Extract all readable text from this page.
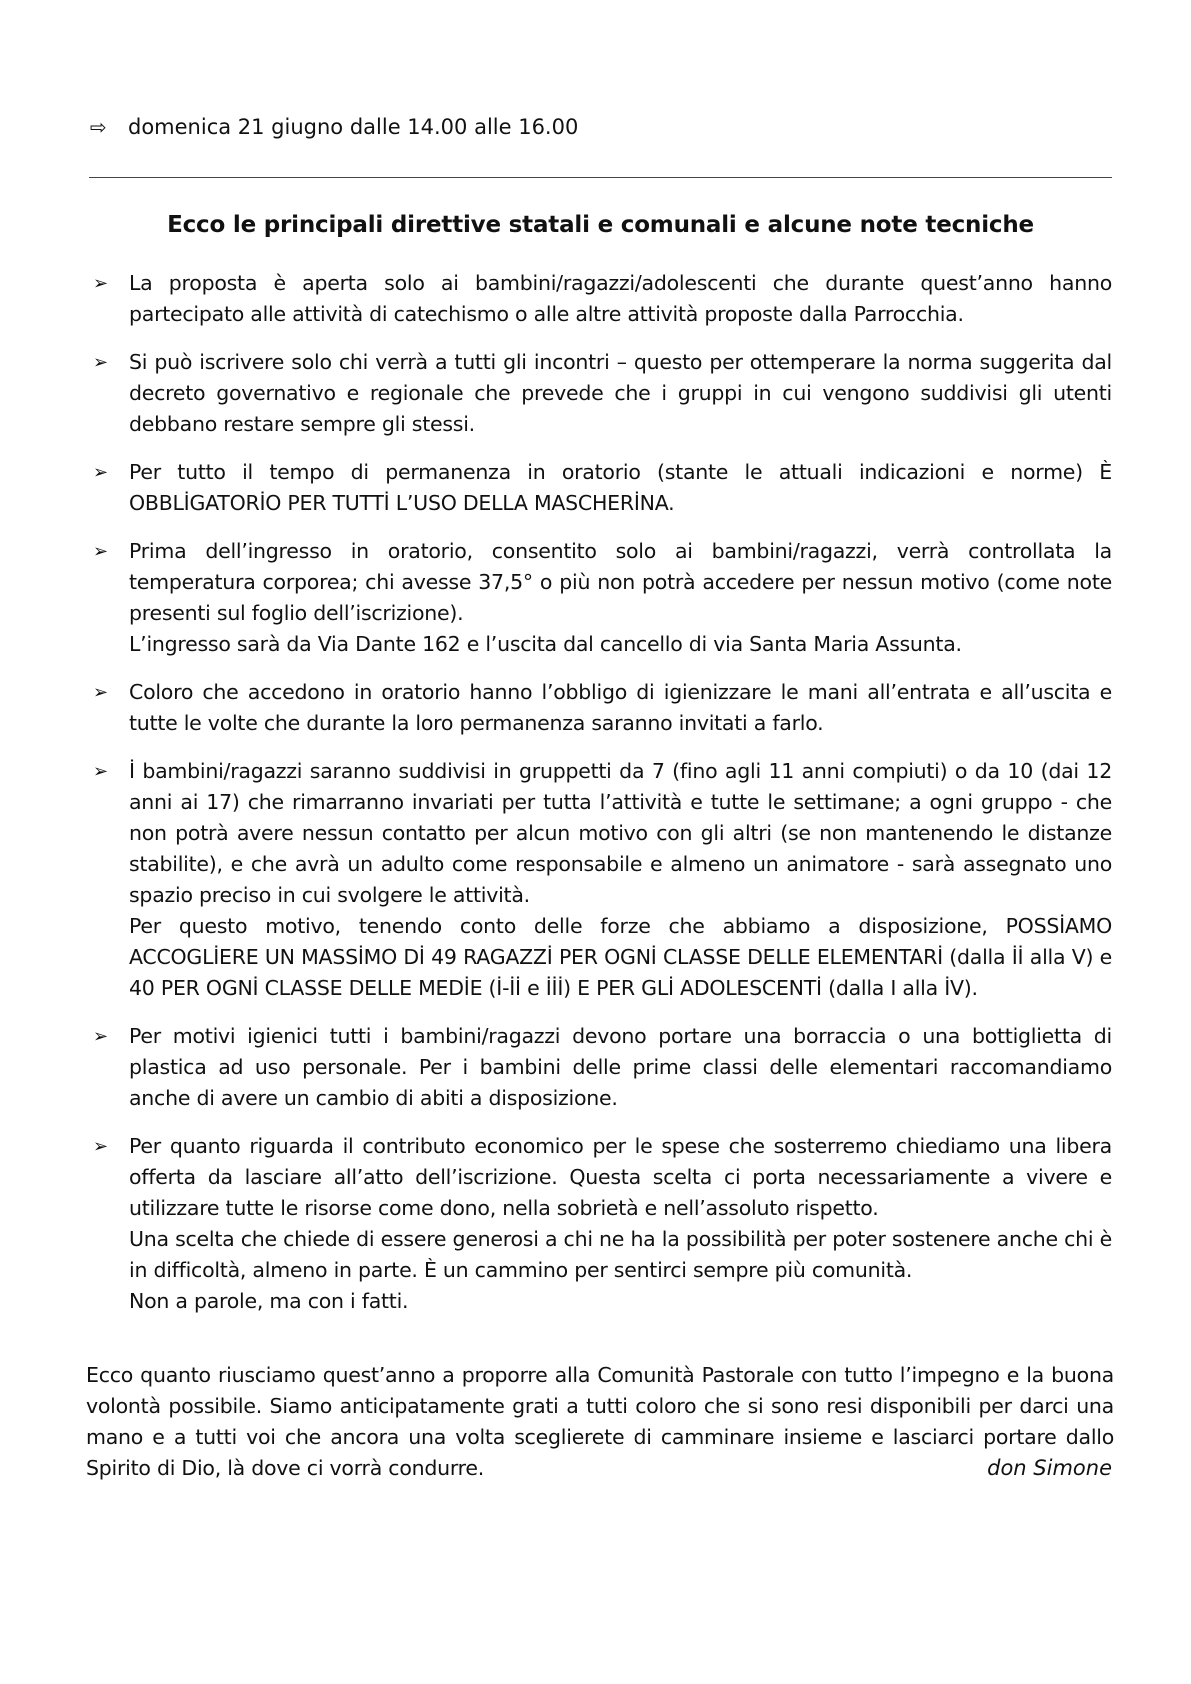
⇨ domenica 21 giugno dalle 14.00 alle 16.00
Ecco le principali direttive statali e comunali e alcune note tecniche
➢ La proposta è aperta solo ai bambini/ragazzi/adolescenti che durante quest’anno hanno partecipato alle attività di catechismo o alle altre attività proposte dalla Parrocchia.

➢ Si può iscrivere solo chi verrà a tutti gli incontri – questo per ottemperare la norma suggerita dal decreto governativo e regionale che prevede che i gruppi in cui vengono suddivisi gli utenti debbano restare sempre gli stessi.

➢ Per tutto il tempo di permanenza in oratorio (stante le attuali indicazioni e norme) È OBBLİGATORİO PER TUTTİ L’USO DELLA MASCHERİNA.

➢ Prima dell’ingresso in oratorio, consentito solo ai bambini/ragazzi, verrà controllata la temperatura corporea; chi avesse 37,5° o più non potrà accedere per nessun motivo (come note presenti sul foglio dell’iscrizione).

L’ingresso sarà da Via Dante 162 e l’uscita dal cancello di via Santa Maria Assunta.

➢ Coloro che accedono in oratorio hanno l’obbligo di igienizzare le mani all’entrata e all’uscita e tutte le volte che durante la loro permanenza saranno invitati a farlo.

➢ İ bambini/ragazzi saranno suddivisi in gruppetti da 7 (fino agli 11 anni compiuti) o da 10 (dai 12 anni ai 17) che rimarranno invariati per tutta l’attività e tutte le settimane; a ogni gruppo - che non potrà avere nessun contatto per alcun motivo con gli altri (se non mantenendo le distanze stabilite), e che avrà un adulto come responsabile e almeno un animatore - sarà assegnato uno spazio preciso in cui svolgere le attività.

Per questo motivo, tenendo conto delle forze che abbiamo a disposizione, POSSİAMO ACCOGLİERE UN MASSİMO Dİ 49 RAGAZZİ PER OGNİ CLASSE DELLE ELEMENTARİ (dalla İİ alla V) e 40 PER OGNİ CLASSE DELLE MEDİE (İ-İİ e İİİ) E PER GLİ ADOLESCENTİ (dalla I alla İV).

➢ Per motivi igienici tutti i bambini/ragazzi devono portare una borraccia o una bottiglietta di plastica ad uso personale. Per i bambini delle prime classi delle elementari raccomandiamo anche di avere un cambio di abiti a disposizione.

➢ Per quanto riguarda il contributo economico per le spese che sosterremo chiediamo una libera offerta da lasciare all’atto dell’iscrizione. Questa scelta ci porta necessariamente a vivere e utilizzare tutte le risorse come dono, nella sobrietà e nell’assoluto rispetto.

Una scelta che chiede di essere generosi a chi ne ha la possibilità per poter sostenere anche chi è in difficoltà, almeno in parte. È un cammino per sentirci sempre più comunità.

Non a parole, ma con i fatti.

Ecco quanto riusciamo quest’anno a proporre alla Comunità Pastorale con tutto l’impegno e la buona volontà possibile. Siamo anticipatamente grati a tutti coloro che si sono resi disponibili per darci una mano e a tutti voi che ancora una volta sceglierete di camminare insieme e lasciarci portare dallo Spirito di Dio, là dove ci vorrà condurre.	don Simone
